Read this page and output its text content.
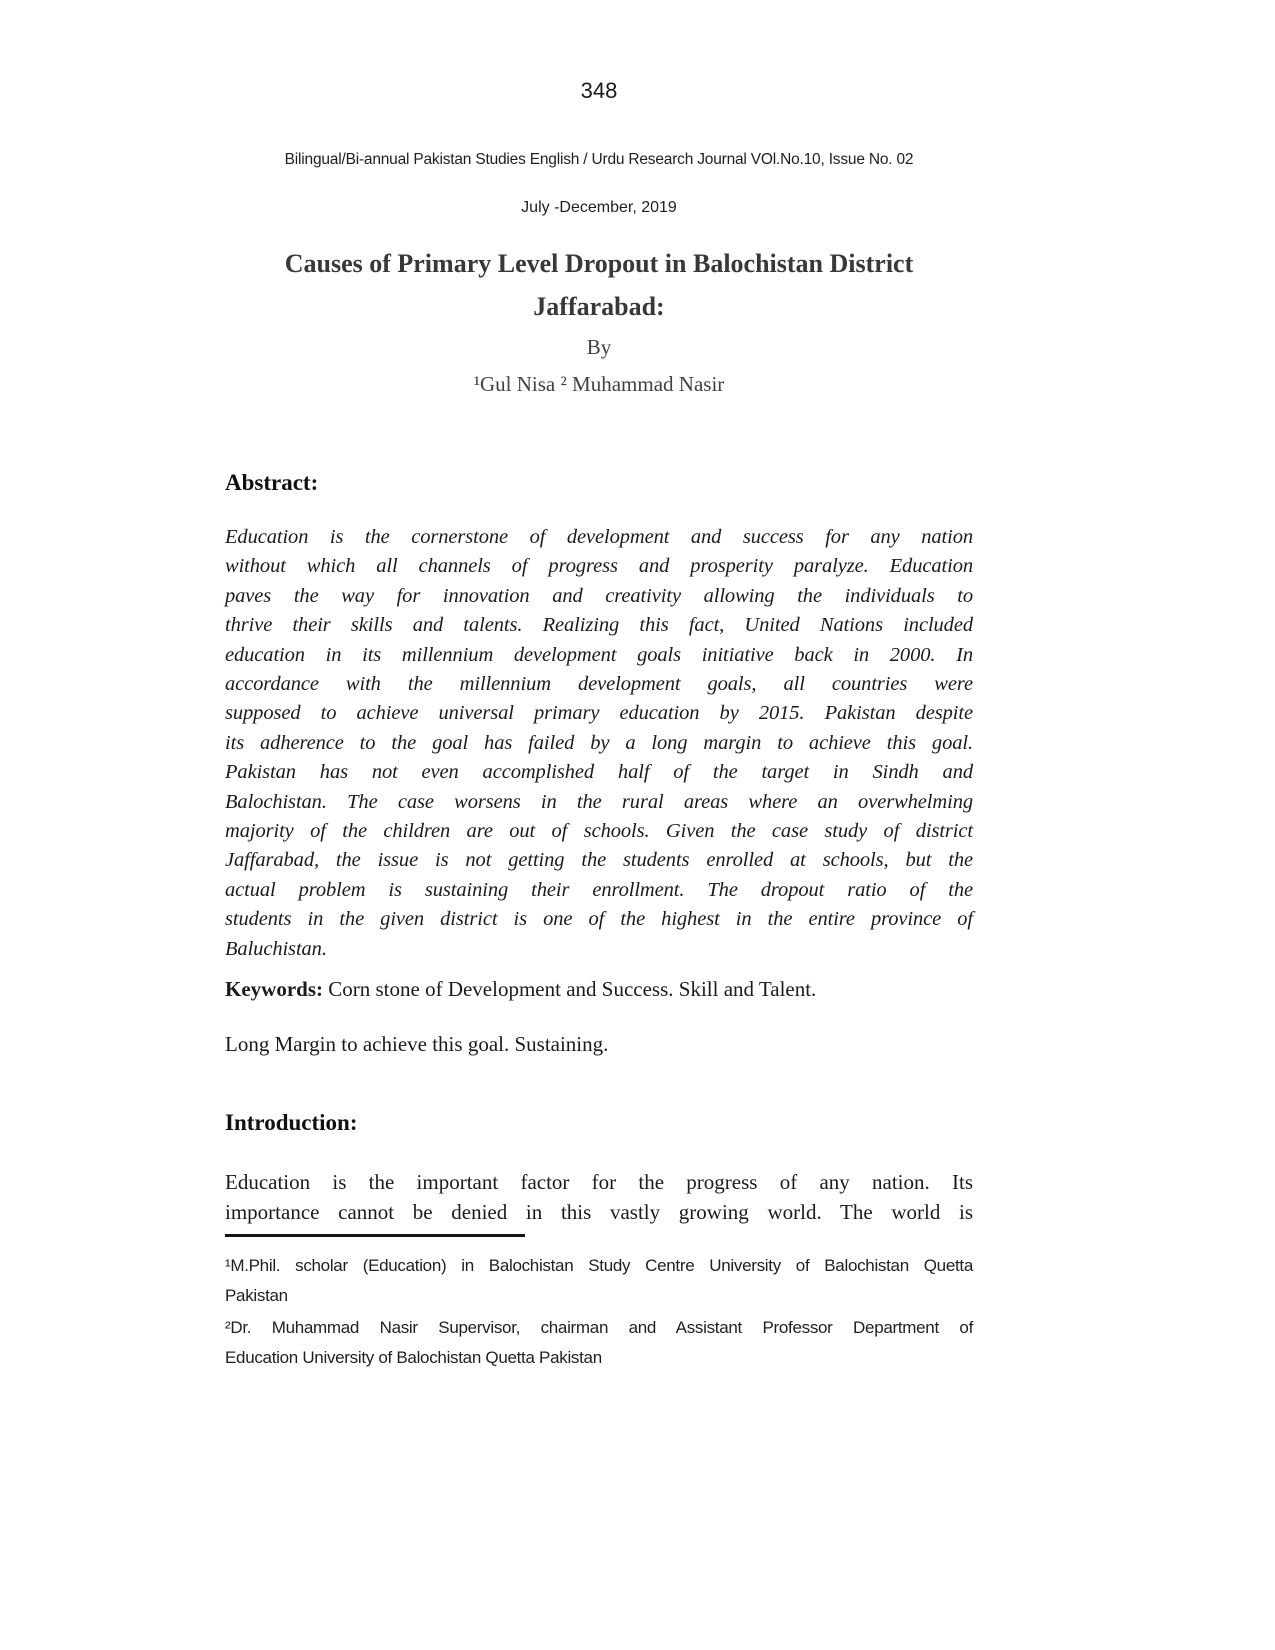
348
Bilingual/Bi-annual Pakistan Studies English / Urdu Research Journal VOl.No.10, Issue No. 02
July -December, 2019
Causes of Primary Level Dropout in Balochistan District
Jaffarabad:
By
¹Gul Nisa ² Muhammad Nasir
Abstract:
Education is the cornerstone of development and success for any nation
without which all channels of progress and prosperity paralyze. Education
paves the way for innovation and creativity allowing the individuals to
thrive their skills and talents. Realizing this fact, United Nations included
education in its millennium development goals initiative back in 2000. In
accordance with the millennium development goals, all countries were
supposed to achieve universal primary education by 2015. Pakistan despite
its adherence to the goal has failed by a long margin to achieve this goal.
Pakistan has not even accomplished half of the target in Sindh and
Balochistan. The case worsens in the rural areas where an overwhelming
majority of the children are out of schools. Given the case study of district
Jaffarabad, the issue is not getting the students enrolled at schools, but the
actual problem is sustaining their enrollment. The dropout ratio of the
students in the given district is one of the highest in the entire province of
Baluchistan.
Keywords: Corn stone of Development and Success. Skill and Talent.
Long Margin to achieve this goal. Sustaining.
Introduction:
Education is the important factor for the progress of any nation. Its
importance cannot be denied in this vastly growing world. The world is
¹M.Phil. scholar (Education) in Balochistan Study Centre University of Balochistan Quetta
Pakistan
²Dr. Muhammad Nasir Supervisor, chairman and Assistant Professor Department of
Education University of Balochistan Quetta Pakistan
